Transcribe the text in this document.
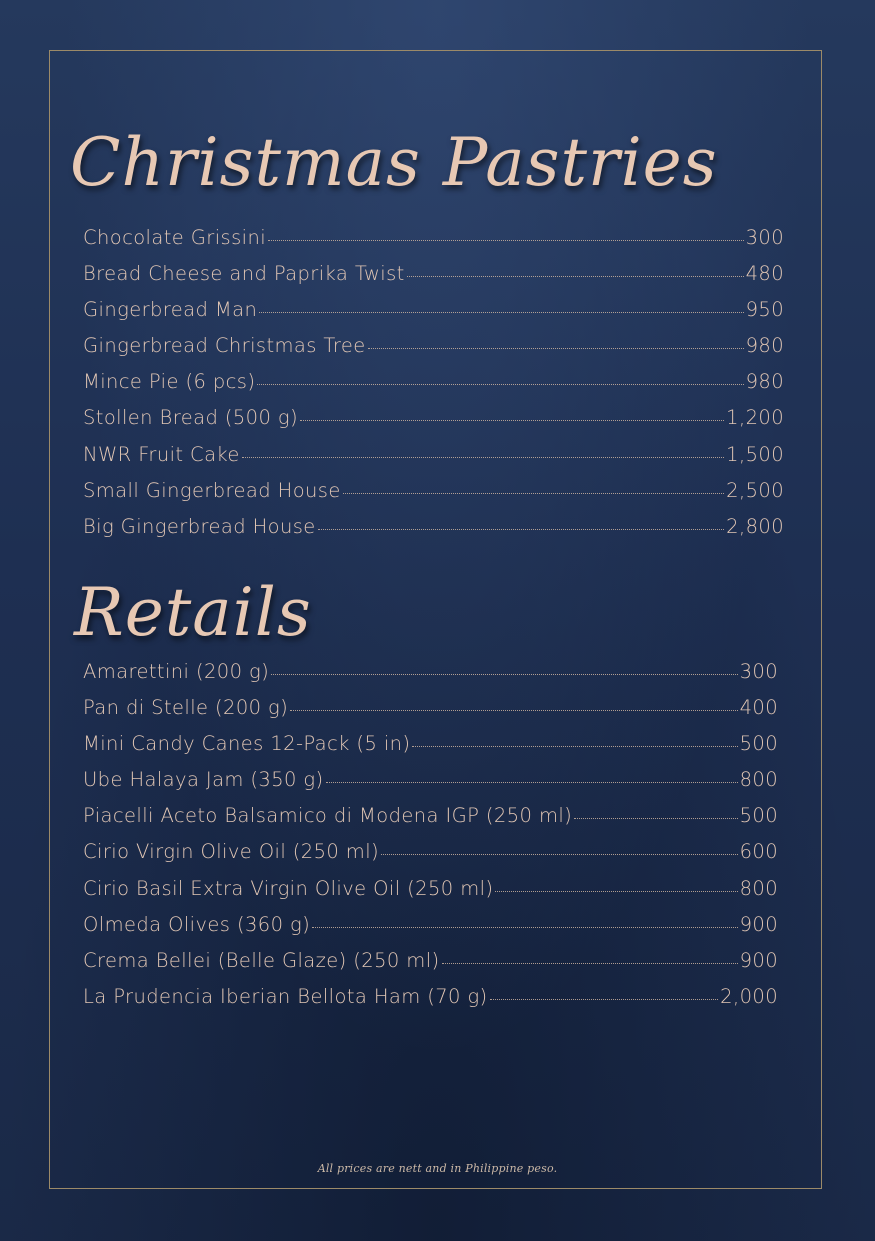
Christmas Pastries
Chocolate Grissini	300
Bread Cheese and Paprika Twist	480
Gingerbread Man	950
Gingerbread Christmas Tree	980
Mince Pie (6 pcs)	980
Stollen Bread (500 g)	1,200
NWR Fruit Cake	1,500
Small Gingerbread House	2,500
Big Gingerbread House	2,800
Retails
Amarettini (200 g)	300
Pan di Stelle (200 g)	400
Mini Candy Canes 12-Pack (5 in)	500
Ube Halaya Jam (350 g)	800
Piacelli Aceto Balsamico di Modena IGP (250 ml)	500
Cirio Virgin Olive Oil (250 ml)	600
Cirio Basil Extra Virgin Olive Oil (250 ml)	800
Olmeda Olives (360 g)	900
Crema Bellei (Belle Glaze) (250 ml)	900
La Prudencia Iberian Bellota Ham (70 g)	2,000
All prices are nett and in Philippine peso.
